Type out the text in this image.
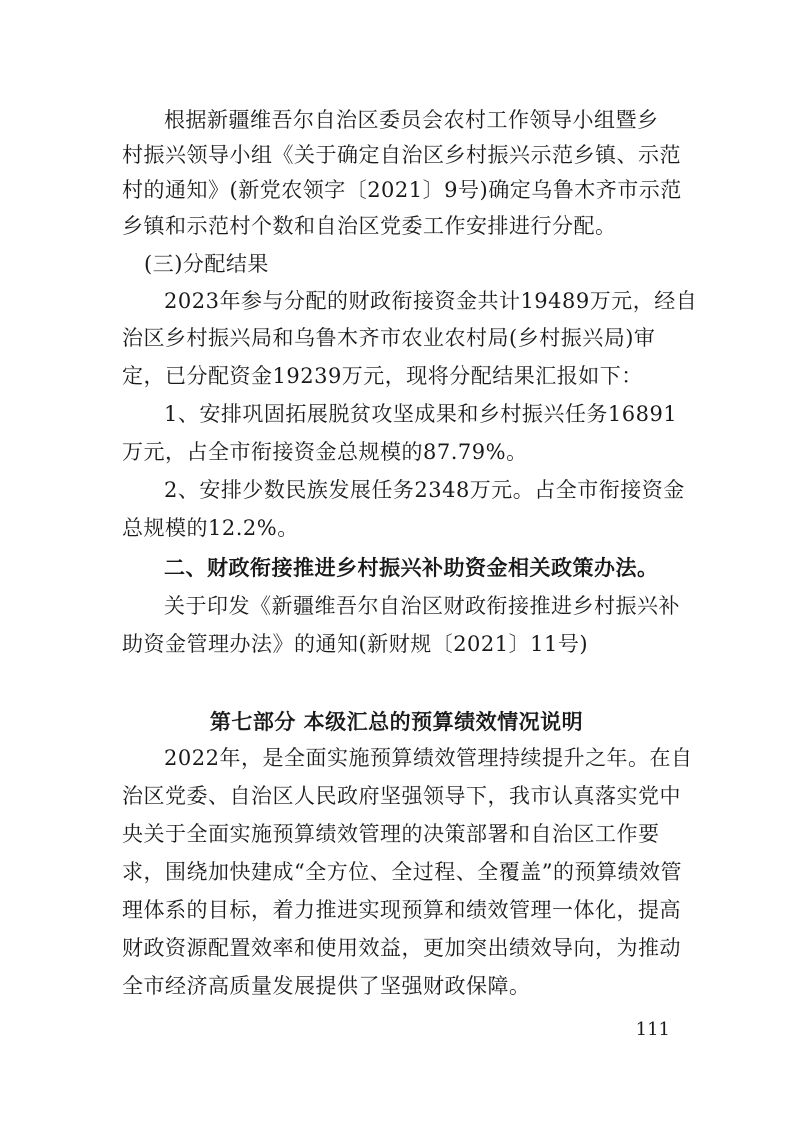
根据新疆维吾尔自治区委员会农村工作领导小组暨乡
村振兴领导小组《关于确定自治区乡村振兴示范乡镇、示范
村的通知》(新党农领字〔2021〕9号)确定乌鲁木齐市示范
乡镇和示范村个数和自治区党委工作安排进行分配。
(三)分配结果
2023年参与分配的财政衔接资金共计19489万元，经自
治区乡村振兴局和乌鲁木齐市农业农村局(乡村振兴局)审
定，已分配资金19239万元，现将分配结果汇报如下：
1、安排巩固拓展脱贫攻坚成果和乡村振兴任务16891
万元，占全市衔接资金总规模的87.79%。
2、安排少数民族发展任务2348万元。占全市衔接资金
总规模的12.2%。
二、财政衔接推进乡村振兴补助资金相关政策办法。
关于印发《新疆维吾尔自治区财政衔接推进乡村振兴补
助资金管理办法》的通知(新财规〔2021〕11号)
第七部分 本级汇总的预算绩效情况说明
2022年，是全面实施预算绩效管理持续提升之年。在自
治区党委、自治区人民政府坚强领导下，我市认真落实党中
央关于全面实施预算绩效管理的决策部署和自治区工作要
求，围绕加快建成“全方位、全过程、全覆盖”的预算绩效管
理体系的目标，着力推进实现预算和绩效管理一体化，提高
财政资源配置效率和使用效益，更加突出绩效导向，为推动
全市经济高质量发展提供了坚强财政保障。
111
